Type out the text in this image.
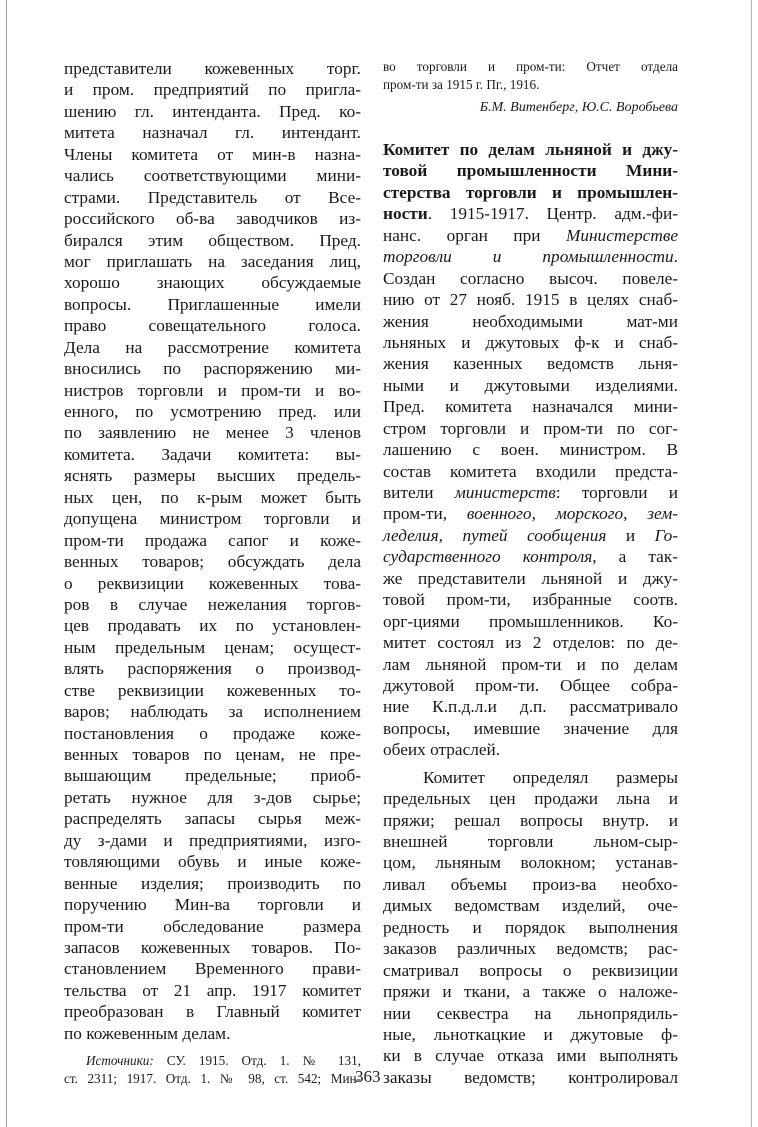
представители кожевенных торг.
и пром. предприятий по пригла-
шению гл. интенданта. Пред. ко-
митета назначал гл. интендант.
Члены комитета от мин-в назна-
чались соответствующими мини-
страми. Представитель от Все-
российского об-ва заводчиков из-
бирался этим обществом. Пред.
мог приглашать на заседания лиц,
хорошо знающих обсуждаемые
вопросы. Приглашенные имели
право совещательного голоса.
Дела на рассмотрение комитета
вносились по распоряжению ми-
нистров торговли и пром-ти и во-
енного, по усмотрению пред. или
по заявлению не менее 3 членов
комитета. Задачи комитета: вы-
яснять размеры высших предель-
ных цен, по к-рым может быть
допущена министром торговли и
пром-ти продажа сапог и коже-
венных товаров; обсуждать дела
о реквизиции кожевенных това-
ров в случае нежелания торгов-
цев продавать их по установлен-
ным предельным ценам; осущест-
влять распоряжения о производ-
стве реквизиции кожевенных то-
варов; наблюдать за исполнением
постановления о продаже коже-
венных товаров по ценам, не пре-
вышающим предельные; приоб-
ретать нужное для з-дов сырье;
распределять запасы сырья меж-
ду з-дами и предприятиями, изго-
товляющими обувь и иные коже-
венные изделия; производить по
поручению Мин-ва торговли и
пром-ти обследование размера
запасов кожевенных товаров. По-
становлением Временного прави-
тельства от 21 апр. 1917 комитет
преобразован в Главный комитет
по кожевенным делам.
Источники: СУ. 1915. Отд. 1. № 131,
ст. 2311; 1917. Отд. 1. № 98, ст. 542; Мин-
во торговли и пром-ти: Отчет отдела
пром-ти за 1915 г. Пг., 1916.
Б.М. Витенберг, Ю.С. Воробьева
Комитет по делам льняной и джу-
товой промышленности Мини-
стерства торговли и промышлен-
ности. 1915-1917. Центр. адм.-фи-
нанс. орган при Министерстве
торговли и промышленности.
Создан согласно высоч. повеле-
нию от 27 нояб. 1915 в целях снаб-
жения необходимыми мат-ми
льняных и джутовых ф-к и снаб-
жения казенных ведомств льня-
ными и джутовыми изделиями.
Пред. комитета назначался мини-
стром торговли и пром-ти по сог-
лашению с воен. министром. В
состав комитета входили предста-
вители министерств: торговли и
пром-ти, военного, морского, зем-
леделия, путей сообщения и Го-
сударственного контроля, а так-
же представители льняной и джу-
товой пром-ти, избранные соотв.
орг-циями промышленников. Ко-
митет состоял из 2 отделов: по де-
лам льняной пром-ти и по делам
джутовой пром-ти. Общее собра-
ние К.п.д.л.и д.п. рассматривало
вопросы, имевшие значение для
обеих отраслей.
Комитет определял размеры
предельных цен продажи льна и
пряжи; решал вопросы внутр. и
внешней торговли льном-сыр-
цом, льняным волокном; устанав-
ливал объемы произ-ва необхо-
димых ведомствам изделий, оче-
редность и порядок выполнения
заказов различных ведомств; рас-
сматривал вопросы о реквизиции
пряжи и ткани, а также о наложе-
нии секвестра на льнопрядиль-
ные, льноткацкие и джутовые ф-
ки в случае отказа ими выполнять
заказы ведомств; контролировал
363
